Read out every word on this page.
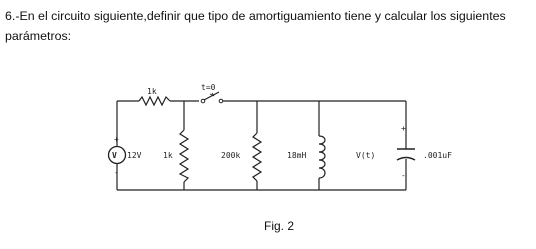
6.-En el circuito siguiente,definir que tipo de amortiguamiento tiene y calcular los siguientes parámetros:
V
+
-
12V
1k	t=0
1k	200k	18mH	V(t)
+
-
.001uF
Fig. 2
